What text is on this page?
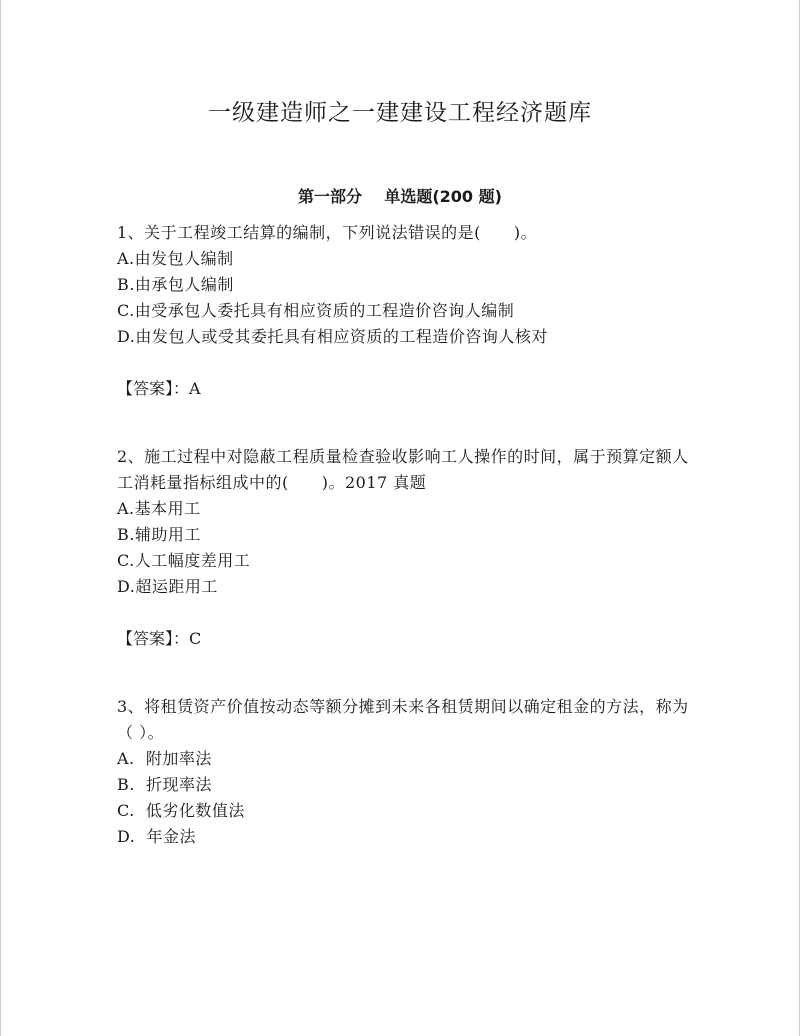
一级建造师之一建建设工程经济题库
第一部分    单选题(200 题)

1、关于工程竣工结算的编制，下列说法错误的是(　　)。

A.由发包人编制

B.由承包人编制

C.由受承包人委托具有相应资质的工程造价咨询人编制

D.由发包人或受其委托具有相应资质的工程造价咨询人核对

【答案】：A

2、施工过程中对隐蔽工程质量检查验收影响工人操作的时间，属于预算定额人工消耗量指标组成中的(　　)。2017 真题

A.基本用工

B.辅助用工

C.人工幅度差用工

D.超运距用工

【答案】：C

3、将租赁资产价值按动态等额分摊到未来各租赁期间以确定租金的方法，称为（ ）。

A.  附加率法

B.  折现率法

C.  低劣化数值法

D.  年金法
